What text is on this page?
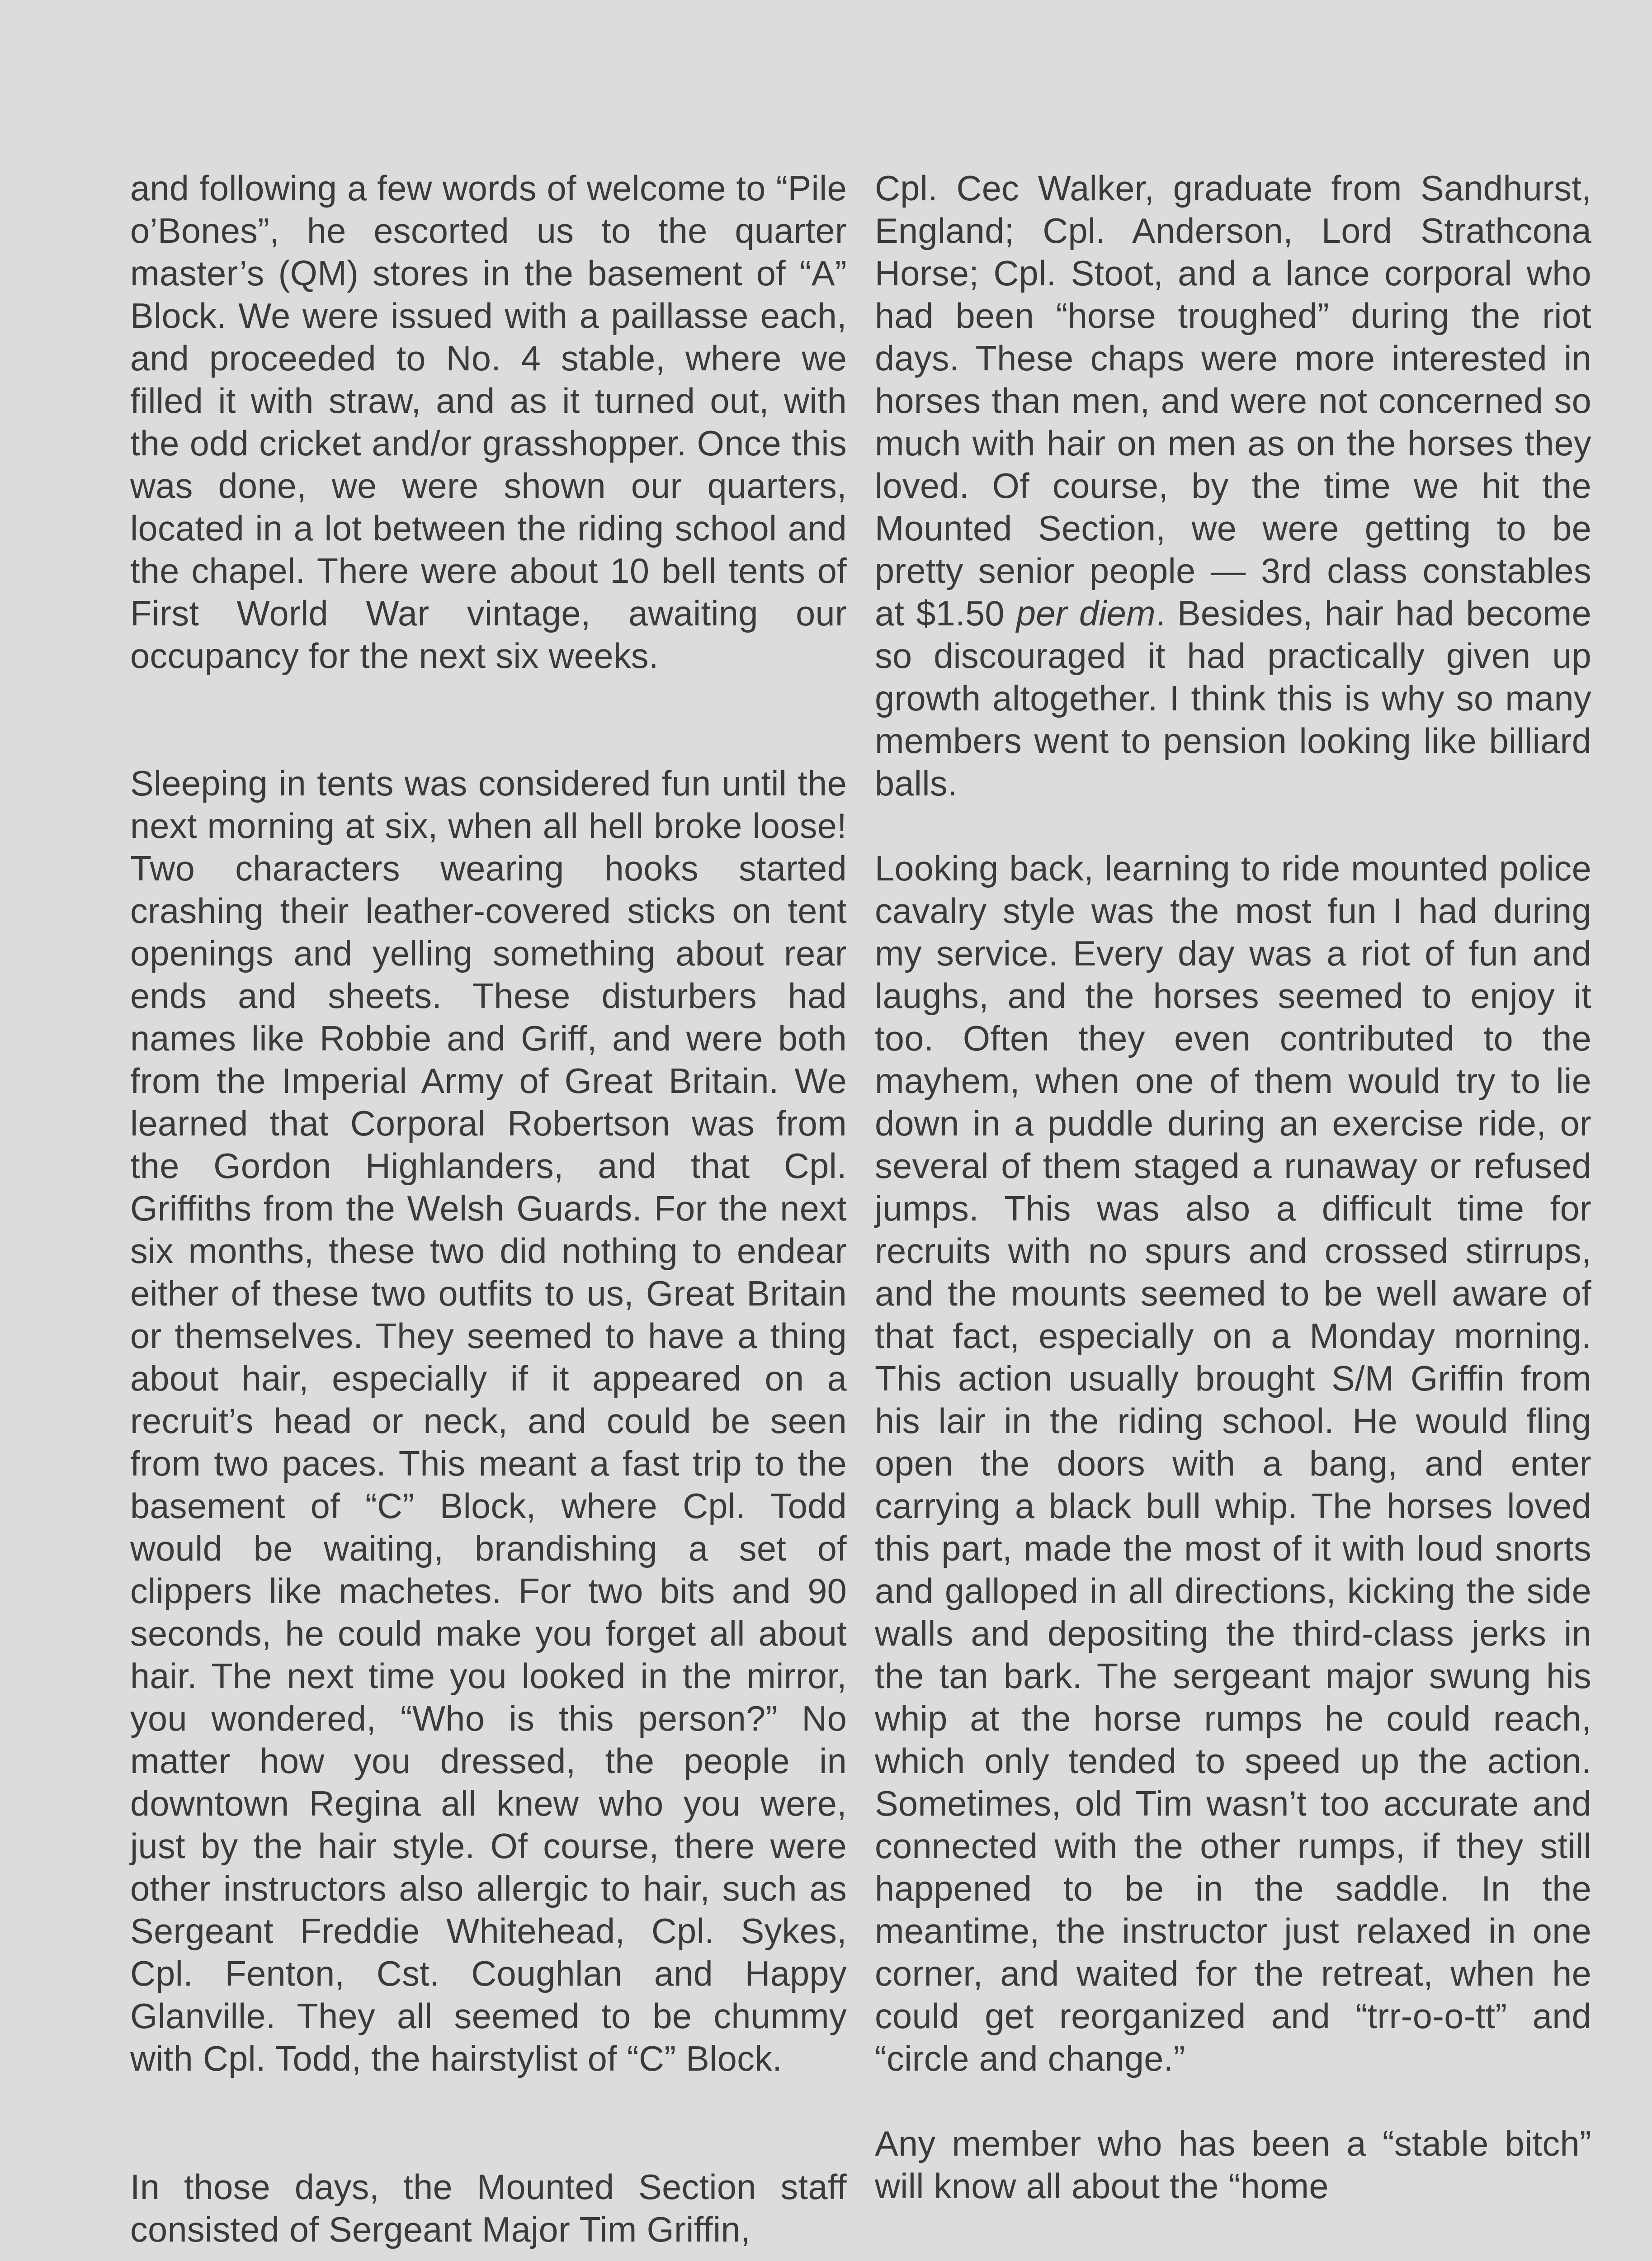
and following a few words of welcome to “Pile o’Bones”, he escorted us to the quarter master’s (QM) stores in the basement of “A” Block. We were issued with a paillasse each, and proceeded to No. 4 stable, where we filled it with straw, and as it turned out, with the odd cricket and/or grasshopper. Once this was done, we were shown our quarters, located in a lot between the riding school and the chapel. There were about 10 bell tents of First World War vintage, awaiting our occupancy for the next six weeks.

Sleeping in tents was considered fun until the next morning at six, when all hell broke loose! Two characters wearing hooks started crashing their leather-covered sticks on tent openings and yelling something about rear ends and sheets. These disturbers had names like Robbie and Griff, and were both from the Imperial Army of Great Britain. We learned that Corporal Robertson was from the Gordon Highlanders, and that Cpl. Griffiths from the Welsh Guards. For the next six months, these two did nothing to endear either of these two outfits to us, Great Britain or themselves. They seemed to have a thing about hair, especially if it appeared on a recruit’s head or neck, and could be seen from two paces. This meant a fast trip to the basement of “C” Block, where Cpl. Todd would be waiting, brandishing a set of clippers like machetes. For two bits and 90 seconds, he could make you forget all about hair. The next time you looked in the mirror, you wondered, “Who is this person?” No matter how you dressed, the people in downtown Regina all knew who you were, just by the hair style. Of course, there were other instructors also allergic to hair, such as Sergeant Freddie Whitehead, Cpl. Sykes, Cpl. Fenton, Cst. Coughlan and Happy Glanville. They all seemed to be chummy with Cpl. Todd, the hairstylist of “C” Block.

In those days, the Mounted Section staff consisted of Sergeant Major Tim Griffin,

Cpl. Cec Walker, graduate from Sandhurst, England; Cpl. Anderson, Lord Strathcona Horse; Cpl. Stoot, and a lance corporal who had been “horse troughed” during the riot days. These chaps were more interested in horses than men, and were not concerned so much with hair on men as on the horses they loved. Of course, by the time we hit the Mounted Section, we were getting to be pretty senior people — 3rd class constables at $1.50 per diem. Besides, hair had become so discouraged it had practically given up growth altogether. I think this is why so many members went to pension looking like billiard balls.

Looking back, learning to ride mounted police cavalry style was the most fun I had during my service. Every day was a riot of fun and laughs, and the horses seemed to enjoy it too. Often they even contributed to the mayhem, when one of them would try to lie down in a puddle during an exercise ride, or several of them staged a runaway or refused jumps. This was also a difficult time for recruits with no spurs and crossed stirrups, and the mounts seemed to be well aware of that fact, especially on a Monday morning. This action usually brought S/M Griffin from his lair in the riding school. He would fling open the doors with a bang, and enter carrying a black bull whip. The horses loved this part, made the most of it with loud snorts and galloped in all directions, kicking the side walls and depositing the third-class jerks in the tan bark. The sergeant major swung his whip at the horse rumps he could reach, which only tended to speed up the action. Sometimes, old Tim wasn’t too accurate and connected with the other rumps, if they still happened to be in the saddle. In the meantime, the instructor just relaxed in one corner, and waited for the retreat, when he could get reorganized and “trr-o-o-tt” and “circle and change.”

Any member who has been a “stable bitch” will know all about the “home
